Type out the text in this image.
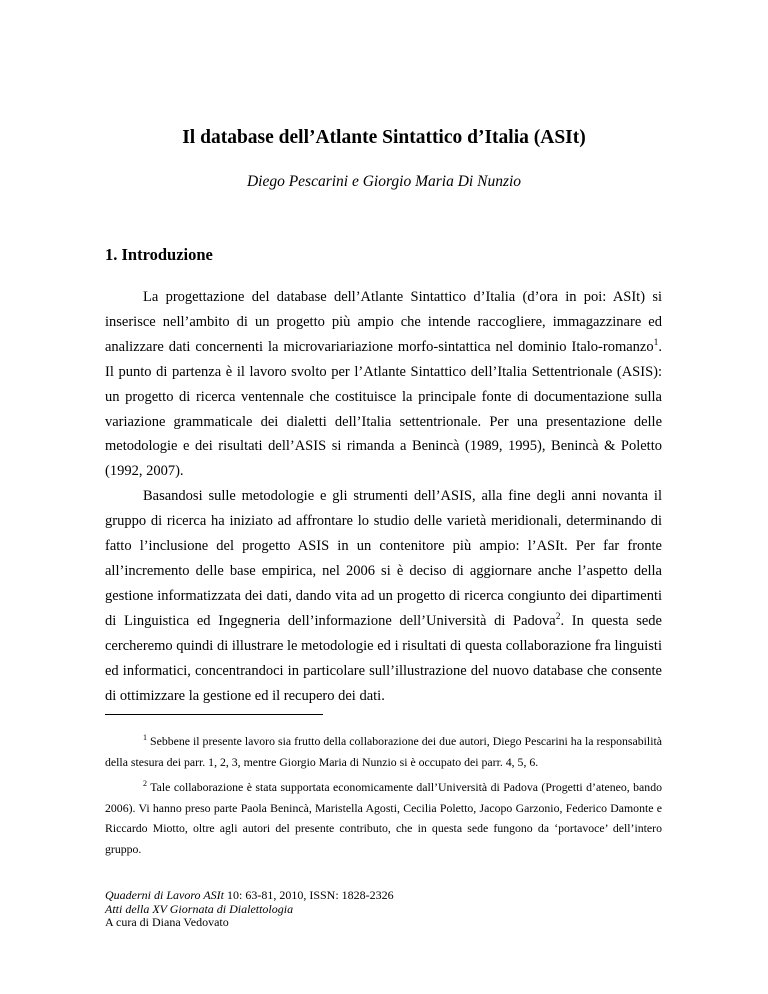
Il database dell’Atlante Sintattico d’Italia (ASIt)

Diego Pescarini e Giorgio Maria Di Nunzio

1. Introduzione

La progettazione del database dell’Atlante Sintattico d’Italia (d’ora in poi: ASIt) si inserisce nell’ambito di un progetto più ampio che intende raccogliere, immagazzinare ed analizzare dati concernenti la microvariariazione morfo-sintattica nel dominio Italo-romanzo$^1$. Il punto di partenza è il lavoro svolto per l’Atlante Sintattico dell’Italia Settentrionale (ASIS): un progetto di ricerca ventennale che costituisce la principale fonte di documentazione sulla variazione grammaticale dei dialetti dell’Italia settentrionale. Per una presentazione delle metodologie e dei risultati dell’ASIS si rimanda a Benincà (1989, 1995), Benincà & Poletto (1992, 2007).

Basandosi sulle metodologie e gli strumenti dell’ASIS, alla fine degli anni novanta il gruppo di ricerca ha iniziato ad affrontare lo studio delle varietà meridionali, determinando di fatto l’inclusione del progetto ASIS in un contenitore più ampio: l’ASIt. Per far fronte all’incremento delle base empirica, nel 2006 si è deciso di aggiornare anche l’aspetto della gestione informatizzata dei dati, dando vita ad un progetto di ricerca congiunto dei dipartimenti di Linguistica ed Ingegneria dell’informazione dell’Università di Padova$^2$. In questa sede cercheremo quindi di illustrare le metodologie ed i risultati di questa collaborazione fra linguisti ed informatici, concentrandoci in particolare sull’illustrazione del nuovo database che consente di ottimizzare la gestione ed il recupero dei dati.

$^1$ Sebbene il presente lavoro sia frutto della collaborazione dei due autori, Diego Pescarini ha la responsabilità della stesura dei parr. 1, 2, 3, mentre Giorgio Maria di Nunzio si è occupato dei parr. 4, 5, 6.

$^2$ Tale collaborazione è stata supportata economicamente dall’Università di Padova (Progetti d’ateneo, bando 2006). Vi hanno preso parte Paola Benincà, Maristella Agosti, Cecilia Poletto, Jacopo Garzonio, Federico Damonte e Riccardo Miotto, oltre agli autori del presente contributo, che in questa sede fungono da ‘portavoce’ dell’intero gruppo.

Quaderni di Lavoro ASIt 10: 63-81, 2010, ISSN: 1828-2326
Atti della XV Giornata di Dialettologia
A cura di Diana Vedovato
